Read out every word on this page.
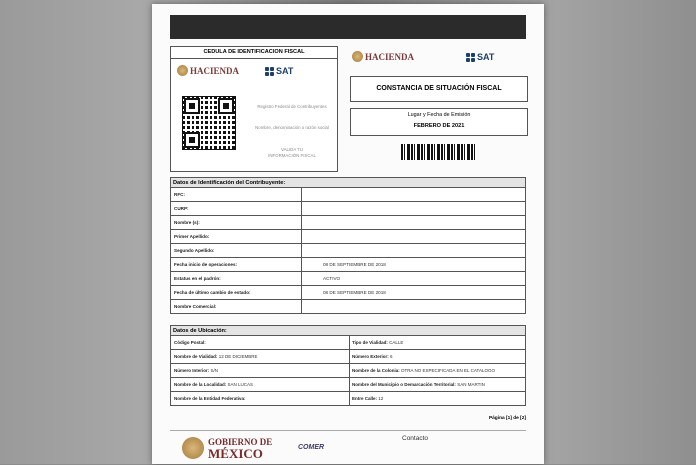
CEDULA DE IDENTIFICACION FISCAL
HACIENDA	SAT
Registro Federal de Contribuyentes
Nombre, denominación o razón social
VALIDA TU INFORMACIÓN FISCAL
HACIENDA	SAT
CONSTANCIA DE SITUACIÓN FISCAL
Lugar y Fecha de Emisión
FEBRERO DE 2021
Datos de Identificación del Contribuyente:
RFC:
CURP:
Nombre (s):
Primer Apellido:
Segundo Apellido:
Fecha inicio de operaciones:	08 DE SEPTIEMBRE DE 2018
Estatus en el padrón:	ACTIVO
Fecha de último cambio de estado:	08 DE SEPTIEMBRE DE 2018
Nombre Comercial:
Datos de Ubicación:
Código Postal:	Tipo de Vialidad: CALLE
Nombre de Vialidad: 12 DE DICIEMBRE	Número Exterior: 6
Número Interior: S/N	Nombre de la Colonia: OTRA NO ESPECIFICADA EN EL CATALOGO
Nombre de la Localidad: SAN LUCAS	Nombre del Municipio o Demarcación Territorial: SAN MARTIN
Nombre de la Entidad Federativa:	Entre Calle: 12
Página [1] de [2]
GOBIERNO DE
MÉXICO	COMER
Contacto
